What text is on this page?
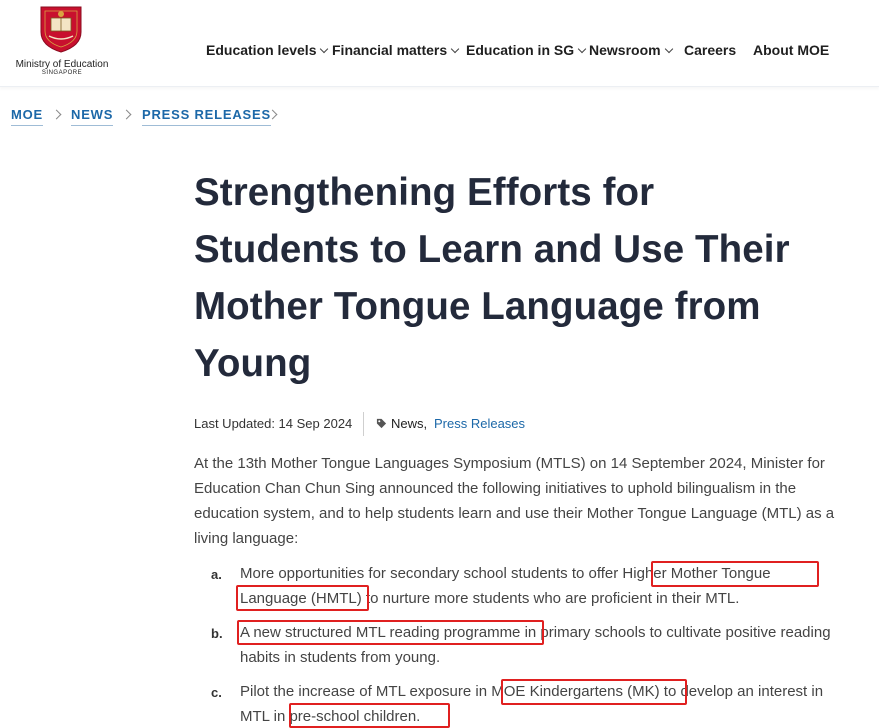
Ministry of Education
SINGAPORE
Education levels	Financial matters	Education in SG	Newsroom	Careers About MOE
MOE NEWS PRESS RELEASES
Strengthening Efforts for
Students to Learn and Use Their
Mother Tongue Language from
Young
Last Updated: 14 Sep 2024	News, Press Releases

At the 13th Mother Tongue Languages Symposium (MTLS) on 14 September 2024, Minister for
Education Chan Chun Sing announced the following initiatives to uphold bilingualism in the
education system, and to help students learn and use their Mother Tongue Language (MTL) as a
living language:

a. More opportunities for secondary school students to offer Higher Mother Tongue
Language (HMTL) to nurture more students who are proficient in their MTL.
b. A new structured MTL reading programme in primary schools to cultivate positive reading
habits in students from young.
c. Pilot the increase of MTL exposure in MOE Kindergartens (MK) to develop an interest in
MTL in pre-school children.
